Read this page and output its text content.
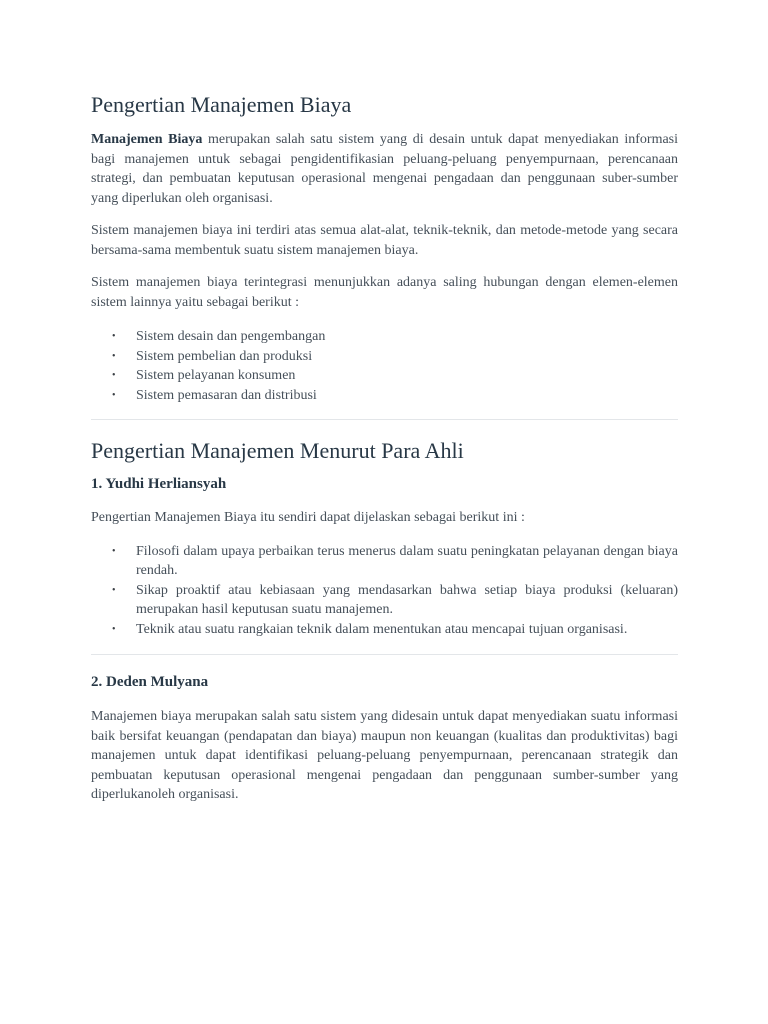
Pengertian Manajemen Biaya

Manajemen Biaya merupakan salah satu sistem yang di desain untuk dapat menyediakan informasi bagi manajemen untuk sebagai pengidentifikasian peluang-peluang penyempurnaan, perencanaan strategi, dan pembuatan keputusan operasional mengenai pengadaan dan penggunaan suber-sumber yang diperlukan oleh organisasi.

Sistem manajemen biaya ini terdiri atas semua alat-alat, teknik-teknik, dan metode-metode yang secara bersama-sama membentuk suatu sistem manajemen biaya.

Sistem manajemen biaya terintegrasi menunjukkan adanya saling hubungan dengan elemen-elemen sistem lainnya yaitu sebagai berikut :

• Sistem desain dan pengembangan
• Sistem pembelian dan produksi
• Sistem pelayanan konsumen
• Sistem pemasaran dan distribusi
Pengertian Manajemen Menurut Para Ahli
1. Yudhi Herliansyah

Pengertian Manajemen Biaya itu sendiri dapat dijelaskan sebagai berikut ini :

• Filosofi dalam upaya perbaikan terus menerus dalam suatu peningkatan pelayanan dengan biaya rendah.
• Sikap proaktif atau kebiasaan yang mendasarkan bahwa setiap biaya produksi (keluaran) merupakan hasil keputusan suatu manajemen.
• Teknik atau suatu rangkaian teknik dalam menentukan atau mencapai tujuan organisasi.
2. Deden Mulyana

Manajemen biaya merupakan salah satu sistem yang didesain untuk dapat menyediakan suatu informasi baik bersifat keuangan (pendapatan dan biaya) maupun non keuangan (kualitas dan produktivitas) bagi manajemen untuk dapat identifikasi peluang-peluang penyempurnaan, perencanaan strategik dan pembuatan keputusan operasional mengenai pengadaan dan penggunaan sumber-sumber yang diperlukanoleh organisasi.
